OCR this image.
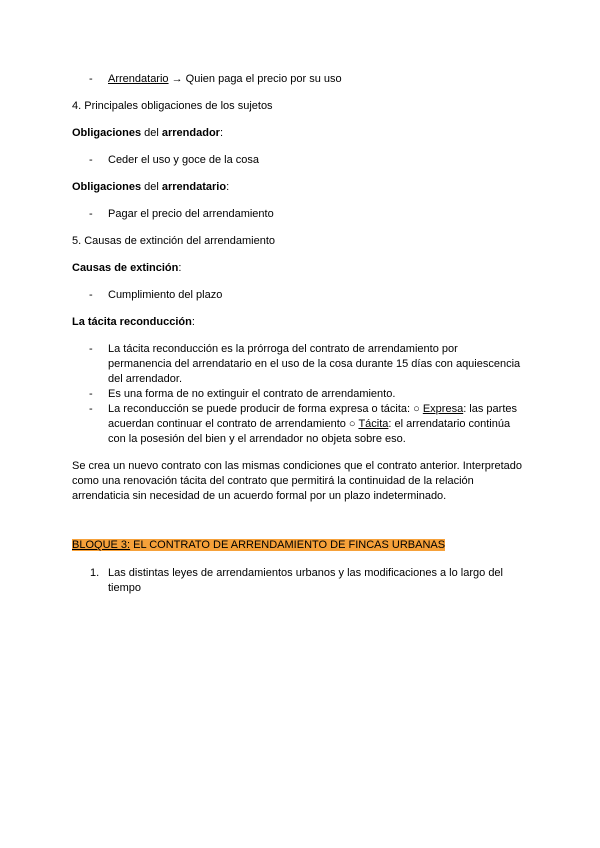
- Arrendatario → Quien paga el precio por su uso
4. Principales obligaciones de los sujetos
Obligaciones del arrendador:
- Ceder el uso y goce de la cosa
Obligaciones del arrendatario:
- Pagar el precio del arrendamiento
5. Causas de extinción del arrendamiento
Causas de extinción:
- Cumplimiento del plazo
La tácita reconducción:
- La tácita reconducción es la prórroga del contrato de arrendamiento por
permanencia del arrendatario en el uso de la cosa durante 15 días con aquiescencia
del arrendador.
- Es una forma de no extinguir el contrato de arrendamiento.
- La reconducción se puede producir de forma expresa o tácita: ○ Expresa: las partes
acuerdan continuar el contrato de arrendamiento ○ Tácita: el arrendatario continúa
con la posesión del bien y el arrendador no objeta sobre eso.
Se crea un nuevo contrato con las mismas condiciones que el contrato anterior. Interpretado
como una renovación tácita del contrato que permitirá la continuidad de la relación
arrendaticia sin necesidad de un acuerdo formal por un plazo indeterminado.
BLOQUE 3: EL CONTRATO DE ARRENDAMIENTO DE FINCAS URBANAS
1. Las distintas leyes de arrendamientos urbanos y las modificaciones a lo largo del
tiempo
